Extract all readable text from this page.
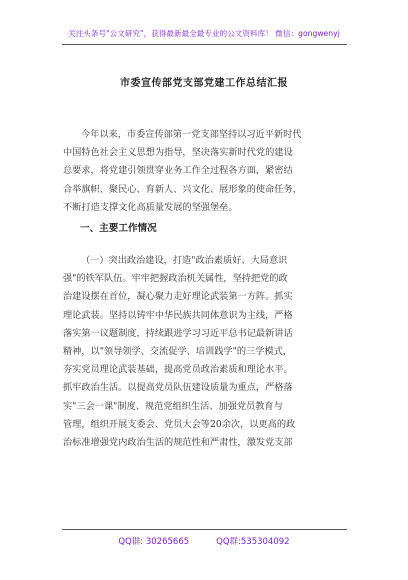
关注头条号"公文研究"，获得最新最全最专业的公文资料库！ 微信：gongwenyj
市委宣传部党支部党建工作总结汇报
今年以来，市委宣传部第一党支部坚持以习近平新时代
中国特色社会主义思想为指导，坚决落实新时代党的建设
总要求，将党建引领贯穿业务工作全过程各方面，紧密结
合举旗帜、聚民心、育新人、兴文化、展形象的使命任务，
不断打造支撑文化高质量发展的坚强堡垒。
一、主要工作情况
（一）突出政治建设，打造"政治素质好、大局意识
强"的铁军队伍。牢牢把握政治机关属性，坚持把党的政
治建设摆在首位，凝心聚力走好理论武装第一方阵。抓实
理论武装。坚持以铸牢中华民族共同体意识为主线，严格
落实第一议题制度，持续跟进学习习近平总书记最新讲话
精神，以"领导领学、交流促学、培训践学"的三学模式，
夯实党员理论武装基础，提高党员政治素质和理论水平。
抓牢政治生活。以提高党员队伍建设质量为重点，严格落
实"三会一课"制度、规范党组织生活、加强党员教育与
管理，组织开展支委会、党员大会等20余次，以更高的政
治标准增强党内政治生活的规范性和严肃性，激发党支部
QQ群: 30265665          QQ群:535304092
